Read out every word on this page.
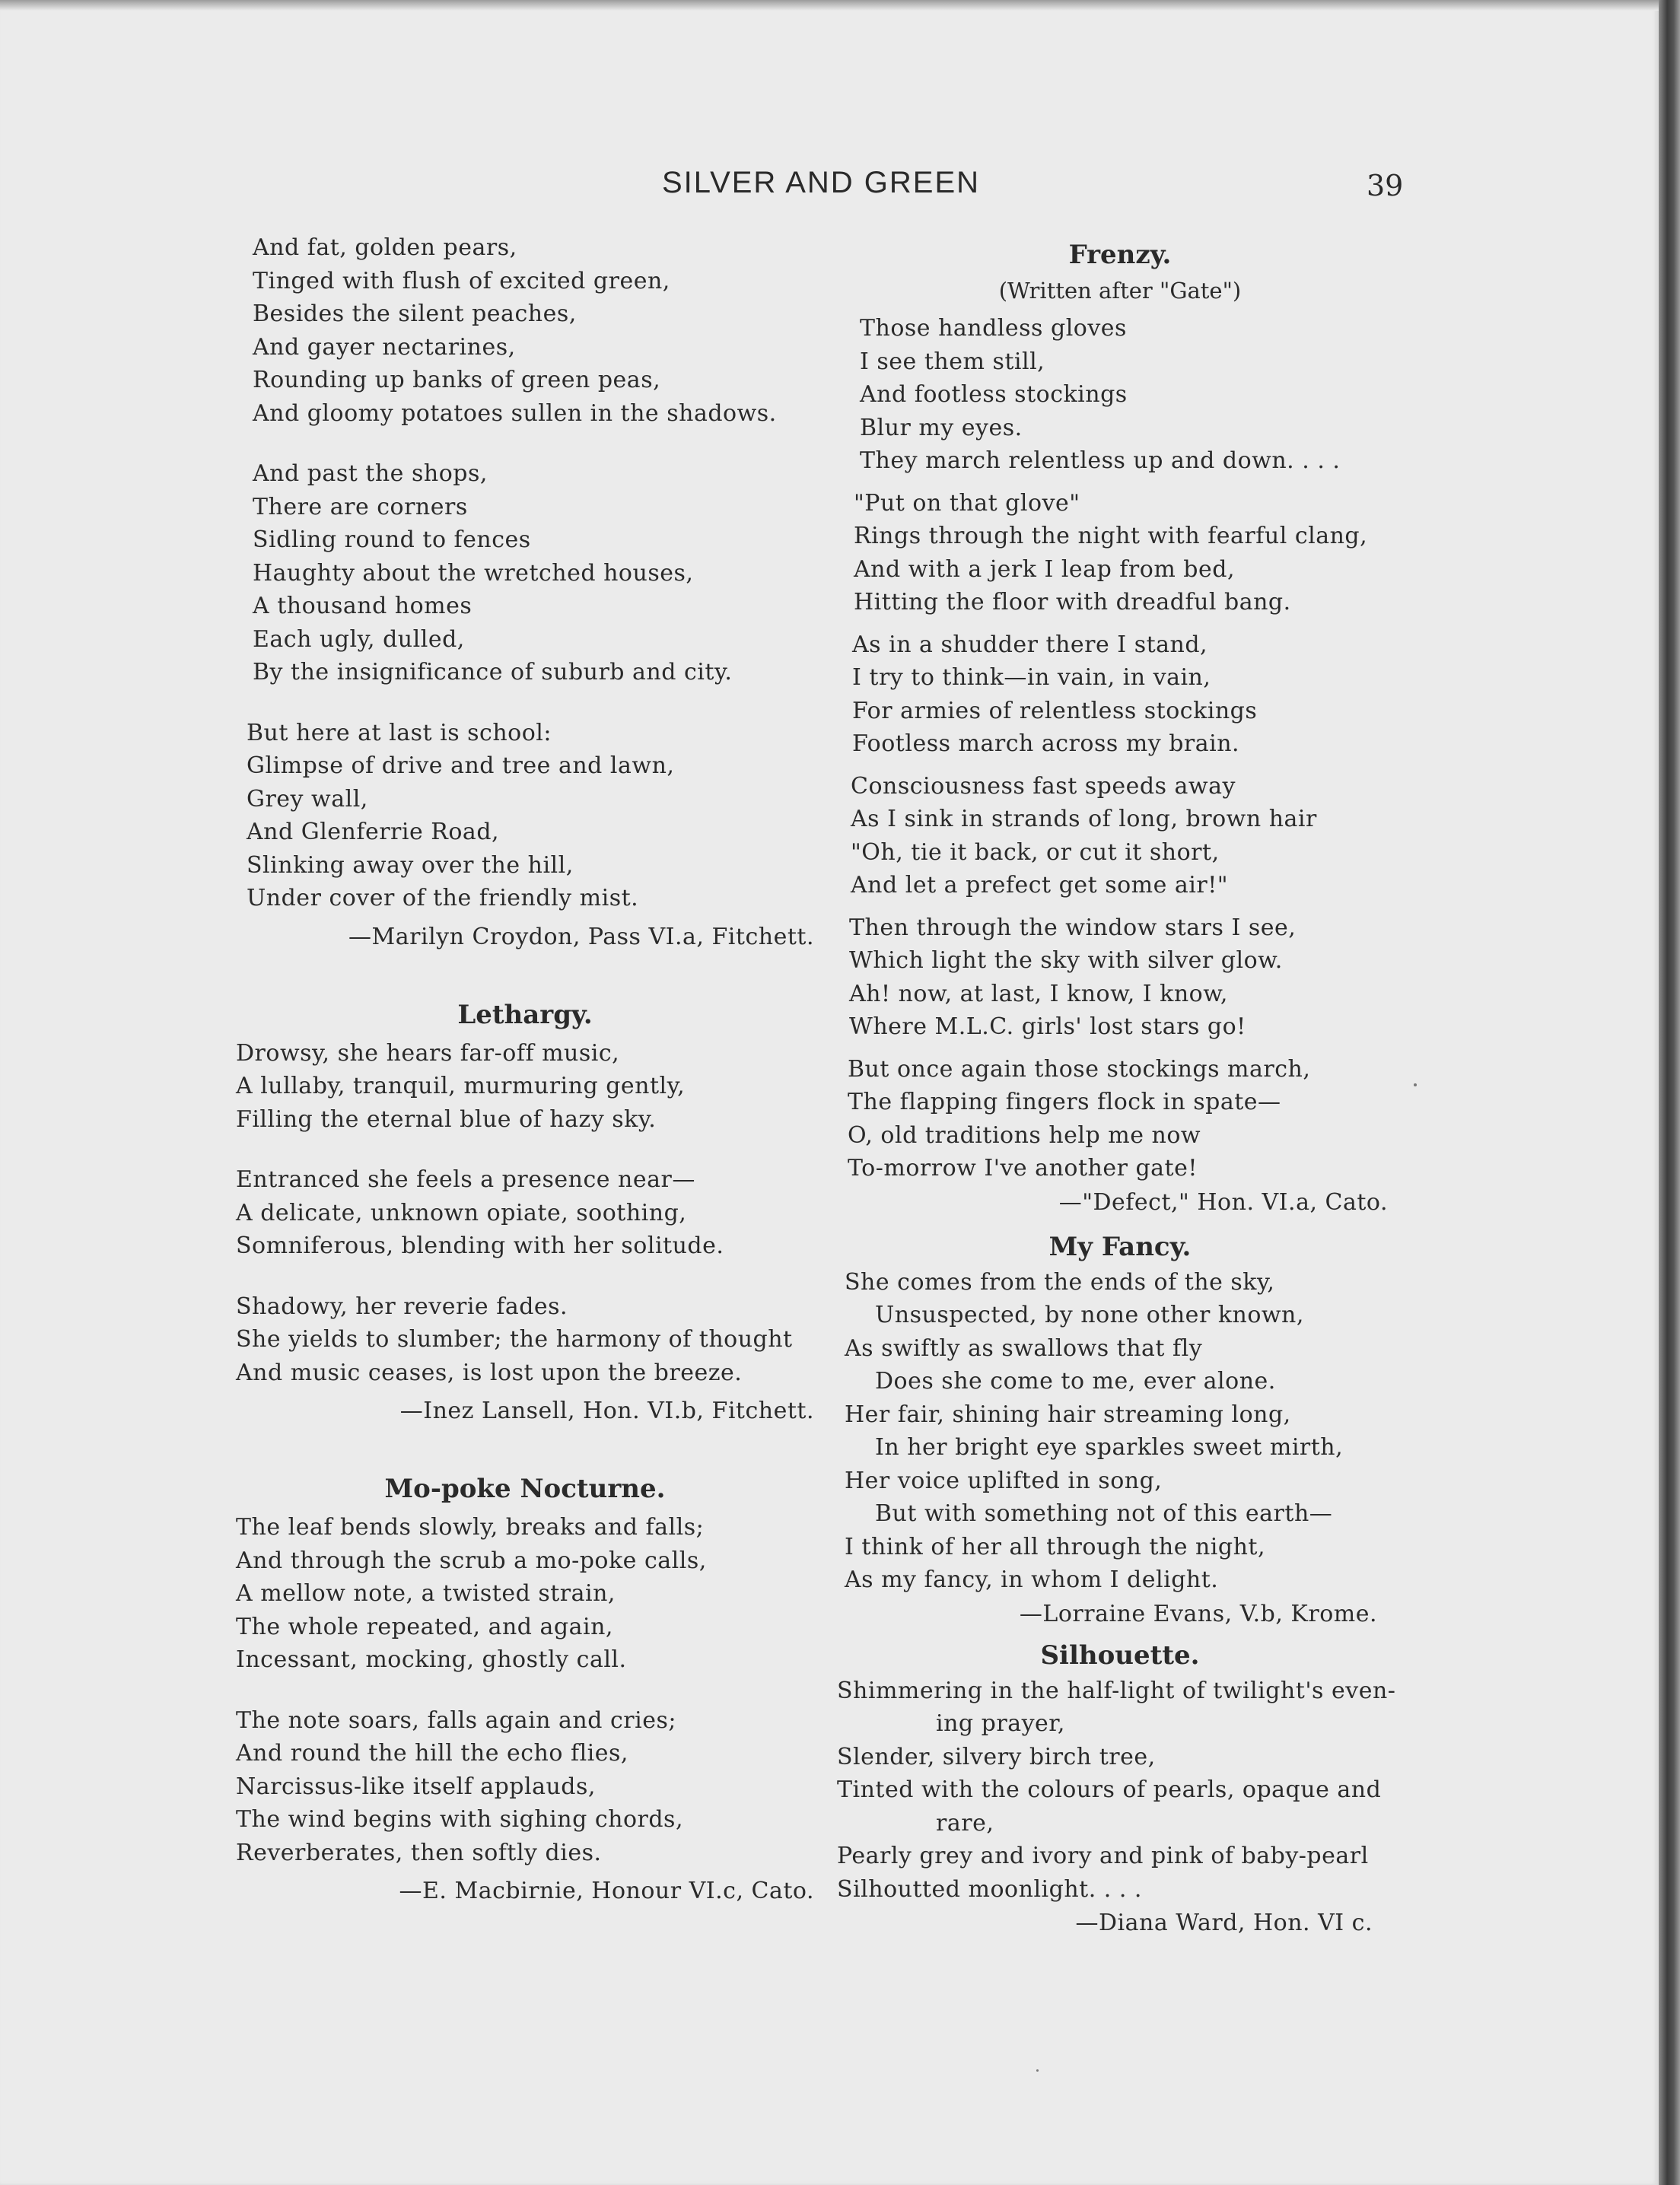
SILVER AND GREEN	39
And fat, golden pears,
Tinged with flush of excited green,
Besides the silent peaches,
And gayer nectarines,
Rounding up banks of green peas,
And gloomy potatoes sullen in the shadows.
And past the shops,
There are corners
Sidling round to fences
Haughty about the wretched houses,
A thousand homes
Each ugly, dulled,
By the insignificance of suburb and city.
But here at last is school:
Glimpse of drive and tree and lawn,
Grey wall,
And Glenferrie Road,
Slinking away over the hill,
Under cover of the friendly mist.
—Marilyn Croydon, Pass VI.a, Fitchett.
Lethargy.
Drowsy, she hears far-off music,
A lullaby, tranquil, murmuring gently,
Filling the eternal blue of hazy sky.
Entranced she feels a presence near—
A delicate, unknown opiate, soothing,
Somniferous, blending with her solitude.
Shadowy, her reverie fades.
She yields to slumber; the harmony of thought
And music ceases, is lost upon the breeze.
—Inez Lansell, Hon. VI.b, Fitchett.
Mo-poke Nocturne.
The leaf bends slowly, breaks and falls;
And through the scrub a mo-poke calls,
A mellow note, a twisted strain,
The whole repeated, and again,
Incessant, mocking, ghostly call.
The note soars, falls again and cries;
And round the hill the echo flies,
Narcissus-like itself applauds,
The wind begins with sighing chords,
Reverberates, then softly dies.
—E. Macbirnie, Honour VI.c, Cato.
Frenzy.
(Written after "Gate")
Those handless gloves
I see them still,
And footless stockings
Blur my eyes.
They march relentless up and down. . . .
"Put on that glove"
Rings through the night with fearful clang,
And with a jerk I leap from bed,
Hitting the floor with dreadful bang.
As in a shudder there I stand,
I try to think—in vain, in vain,
For armies of relentless stockings
Footless march across my brain.
Consciousness fast speeds away
As I sink in strands of long, brown hair
"Oh, tie it back, or cut it short,
And let a prefect get some air!"
Then through the window stars I see,
Which light the sky with silver glow.
Ah! now, at last, I know, I know,
Where M.L.C. girls' lost stars go!
But once again those stockings march,
The flapping fingers flock in spate—
O, old traditions help me now
To-morrow I've another gate!
—"Defect," Hon. VI.a, Cato.
My Fancy.
She comes from the ends of the sky,
Unsuspected, by none other known,
As swiftly as swallows that fly
Does she come to me, ever alone.
Her fair, shining hair streaming long,
In her bright eye sparkles sweet mirth,
Her voice uplifted in song,
But with something not of this earth—
I think of her all through the night,
As my fancy, in whom I delight.
—Lorraine Evans, V.b, Krome.
Silhouette.
Shimmering in the half-light of twilight's even-
ing prayer,
Slender, silvery birch tree,
Tinted with the colours of pearls, opaque and
rare,
Pearly grey and ivory and pink of baby-pearl
Silhoutted moonlight. . . .
—Diana Ward, Hon. VI c.
